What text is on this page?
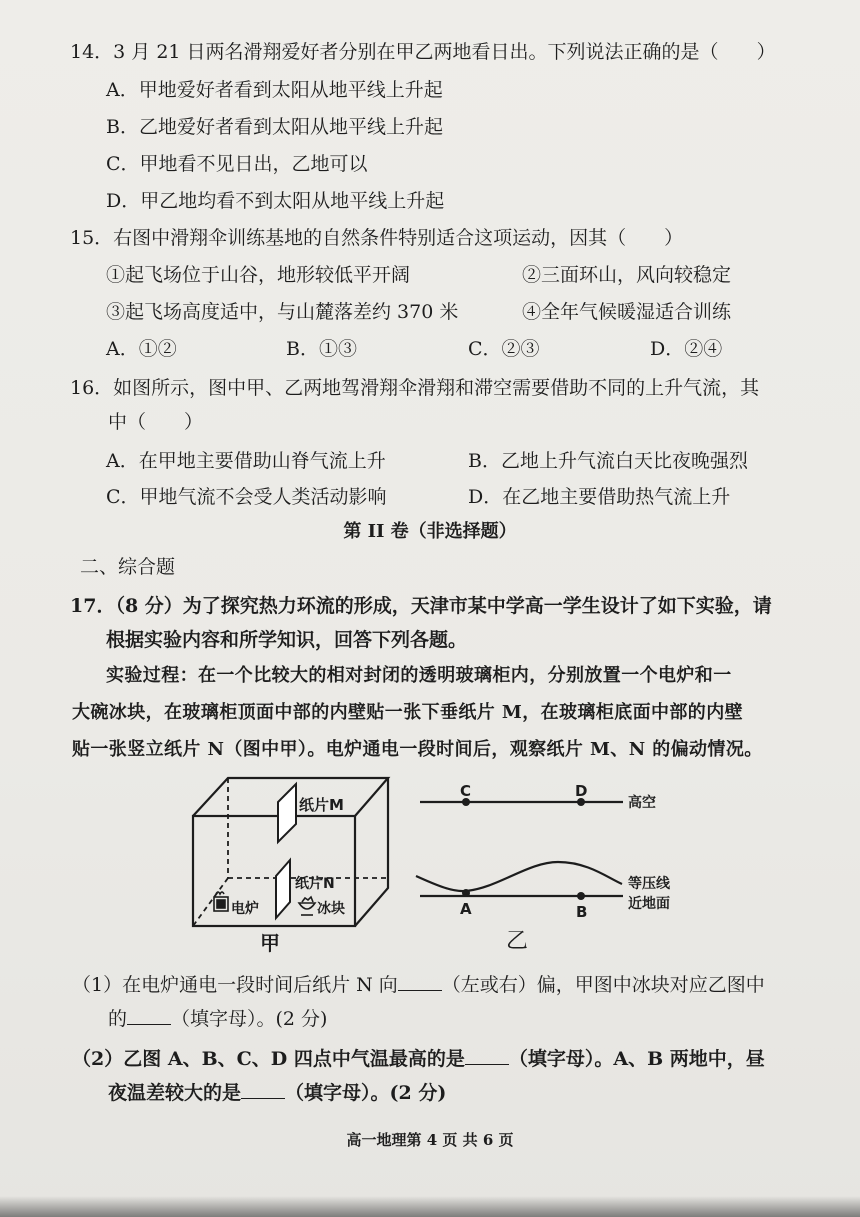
14．3 月 21 日两名滑翔爱好者分别在甲乙两地看日出。下列说法正确的是（　　）
A．甲地爱好者看到太阳从地平线上升起
B．乙地爱好者看到太阳从地平线上升起
C．甲地看不见日出，乙地可以
D．甲乙地均看不到太阳从地平线上升起
15．右图中滑翔伞训练基地的自然条件特别适合这项运动，因其（　　）
①起飞场位于山谷，地形较低平开阔	②三面环山，风向较稳定
③起飞场高度适中，与山麓落差约 370 米	④全年气候暖湿适合训练
A．①②	B．①③	C．②③	D．②④
16．如图所示，图中甲、乙两地驾滑翔伞滑翔和滞空需要借助不同的上升气流，其
中（　　）
A．在甲地主要借助山脊气流上升	B．乙地上升气流白天比夜晚强烈
C．甲地气流不会受人类活动影响	D．在乙地主要借助热气流上升
第 II 卷（非选择题）
二、综合题
17．（8 分）为了探究热力环流的形成，天津市某中学高一学生设计了如下实验，请
根据实验内容和所学知识，回答下列各题。
实验过程：在一个比较大的相对封闭的透明玻璃柜内，分别放置一个电炉和一
大碗冰块，在玻璃柜顶面中部的内壁贴一张下垂纸片 M，在玻璃柜底面中部的内壁
贴一张竖立纸片 N（图中甲）。电炉通电一段时间后，观察纸片 M、N 的偏动情况。
纸片M
纸片N
电炉	冰块
甲
C	D
高空
A	B
等压线
近地面
乙
（1）在电炉通电一段时间后纸片 N 向 （左或右）偏，甲图中冰块对应乙图中
的 （填字母）。(2 分)
（2）乙图 A、B、C、D 四点中气温最高的是 （填字母）。A、B 两地中，昼
夜温差较大的是 （填字母）。(2 分)
高一地理第 4 页 共 6 页
